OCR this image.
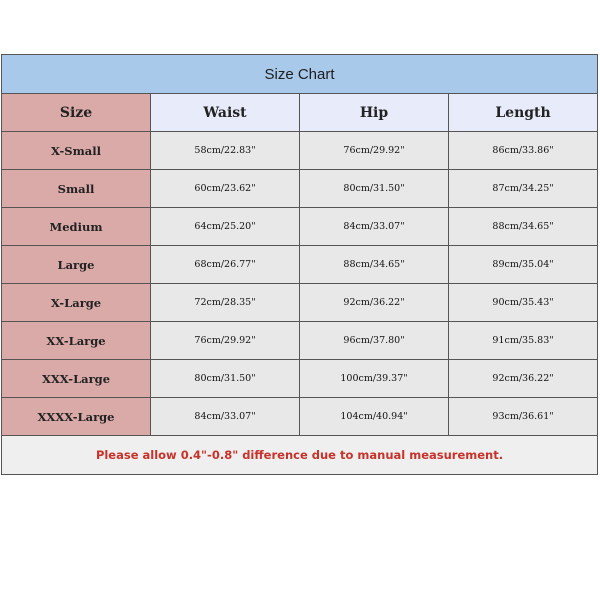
Size Chart			
Size	Waist	Hip	Length
X-Small	58cm/22.83"	76cm/29.92"	86cm/33.86"
Small	60cm/23.62"	80cm/31.50"	87cm/34.25"
Medium	64cm/25.20"	84cm/33.07"	88cm/34.65"
Large	68cm/26.77"	88cm/34.65"	89cm/35.04"
X-Large	72cm/28.35"	92cm/36.22"	90cm/35.43"
XX-Large	76cm/29.92"	96cm/37.80"	91cm/35.83"
XXX-Large	80cm/31.50"	100cm/39.37"	92cm/36.22"
XXXX-Large	84cm/33.07"	104cm/40.94"	93cm/36.61"
Please allow 0.4"-0.8" difference due to manual measurement.			
